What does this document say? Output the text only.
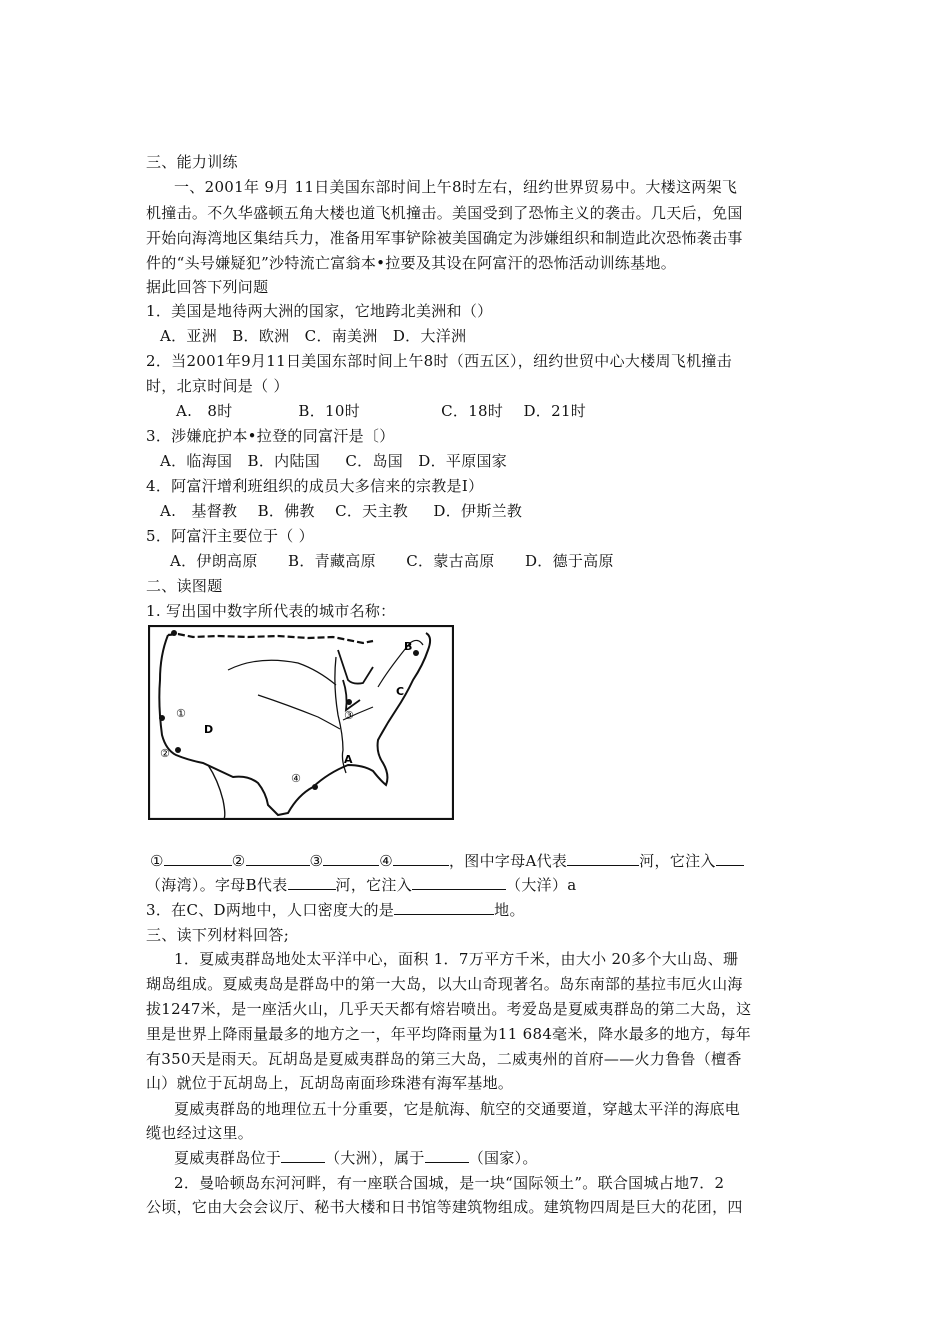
三、能力训练
一、2001年 9月 11日美国东部时间上午8时左右，纽约世界贸易中。大楼这两架飞
机撞击。不久华盛顿五角大楼也道飞机撞击。美国受到了恐怖主义的袭击。几天后，免国
开始向海湾地区集结兵力，准备用军事铲除被美国确定为涉嫌组织和制造此次恐怖袭击事
件的“头号嫌疑犯”沙特流亡富翁本•拉要及其设在阿富汗的恐怖活动训练基地。
据此回答下列问题
1．美国是地待两大洲的国家，它地跨北美洲和（）
A．亚洲   B．欧洲   C．南美洲   D．大洋洲
2．当2001年9月11日美国东部时间上午8时（西五区），纽约世贸中心大楼周飞机撞击
时，北京时间是（ ）
A.   8时             B．10时                C．18时    D．21时
3．涉嫌庇护本•拉登的同富汗是〔）
A．临海国   B．内陆国     C．岛国   D．平原国家
4．阿富汗增利班组织的成员大多信来的宗教是I）
A.   基督教    B．佛教    C．天主教     D．伊斯兰教
5．阿富汗主要位于（ ）
A．伊朗高原      B．青藏高原      C．蒙古高原      D．德于高原
二、读图题
1. 写出国中数字所代表的城市名称：
①
②
③
④
A
B
C
D
①	②	③	④	，图中字母A代表	河，它注入
（海湾）。字母B代表	河，它注入	（大洋）a
3．在C、D两地中，人口密度大的是	地。
三、读下列材料回答;
1．夏威夷群岛地处太平洋中心，面积 1．7万平方千米，由大小 20多个大山岛、珊
瑚岛组成。夏威夷岛是群岛中的第一大岛，以大山奇现著名。岛东南部的基拉韦厄火山海
拔1247米，是一座活火山，几乎天天都有熔岩喷出。考爱岛是夏威夷群岛的第二大岛，这
里是世界上降雨量最多的地方之一，年平均降雨量为11 684毫米，降水最多的地方，每年
有350天是雨天。瓦胡岛是夏威夷群岛的第三大岛，二威夷州的首府——火力鲁鲁（檀香
山）就位于瓦胡岛上，瓦胡岛南面珍珠港有海军基地。
夏威夷群岛的地理位五十分重要，它是航海、航空的交通要道，穿越太平洋的海底电
缆也经过这里。
夏威夷群岛位于	（大洲），属于	（国家）。
2．曼哈顿岛东河河畔，有一座联合国城，是一块“国际领土”。联合国城占地7．2
公顷，它由大会会议厅、秘书大楼和日书馆等建筑物组成。建筑物四周是巨大的花团，四
